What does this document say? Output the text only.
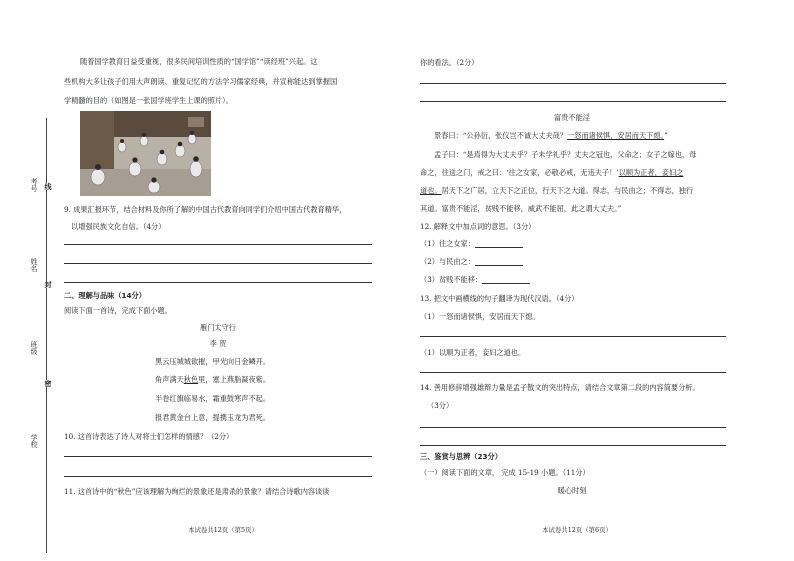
考号 线
姓名
封
班级
密
学校
随着国学教育日益受重视，很多民间培训性质的“国学馆”“读经班”兴起。这
些机构大多让孩子们用大声朗读、重复记忆的方法学习儒家经典，并宣称能达到掌握国
学精髓的目的（如图是一张国学班学生上课的照片）。
9. 成果汇报环节，结合材料及你所了解的中国古代教育向同学们介绍中国古代教育精华，
以增强民族文化自信。（4分）
二、理解与品味（14分）
阅读下面一首诗，完成下面小题。
雁门太守行
李 贺
黑云压城城欲摧，甲光向日金鳞开。
角声满天秋色里，塞上燕脂凝夜紫。
半卷红旗临易水，霜重鼓寒声不起。
报君黄金台上意，提携玉龙为君死。
10. 这首诗表达了诗人对将士们怎样的情感？（2分）
11. 这首诗中的“秋色”应该理解为绚烂的景象还是肃杀的景象？请结合诗歌内容谈谈
本试卷共12页（第5页）
你的看法。（2分）
富贵不能淫
景春曰：“公孙衍、张仪岂不诚大丈夫哉？一怒而诸侯惧，安居而天下熄。”
孟子曰：“是焉得为大丈夫乎？子未学礼乎？丈夫之冠也，父命之；女子之嫁也，母
命之，往送之门，戒之曰：‘往之女家，必敬必戒，无违夫子！’以顺为正者，妾妇之
道也。居天下之广居，立天下之正位，行天下之大道。得志，与民由之；不得志，独行
其道。富贵不能淫，贫贱不能移，威武不能屈，此之谓大丈夫。”
12. 解释文中加点词的意思。（3分）
（1）往之女家：
（2）与民由之：
（3）贫贱不能移：
13. 把文中画横线的句子翻译为现代汉语。（4分）
（1）一怒而诸侯惧，安居而天下熄。
（1）以顺为正者，妾妇之道也。
14. 善用修辞增强雄辩力量是孟子散文的突出特点，请结合文章第二段的内容简要分析。
（3分）
三、鉴赏与思辨（23分）
（一）阅读下面的文章， 完成 15-19 小题。（11分）
暖心时刻
本试卷共12页（第6页）
